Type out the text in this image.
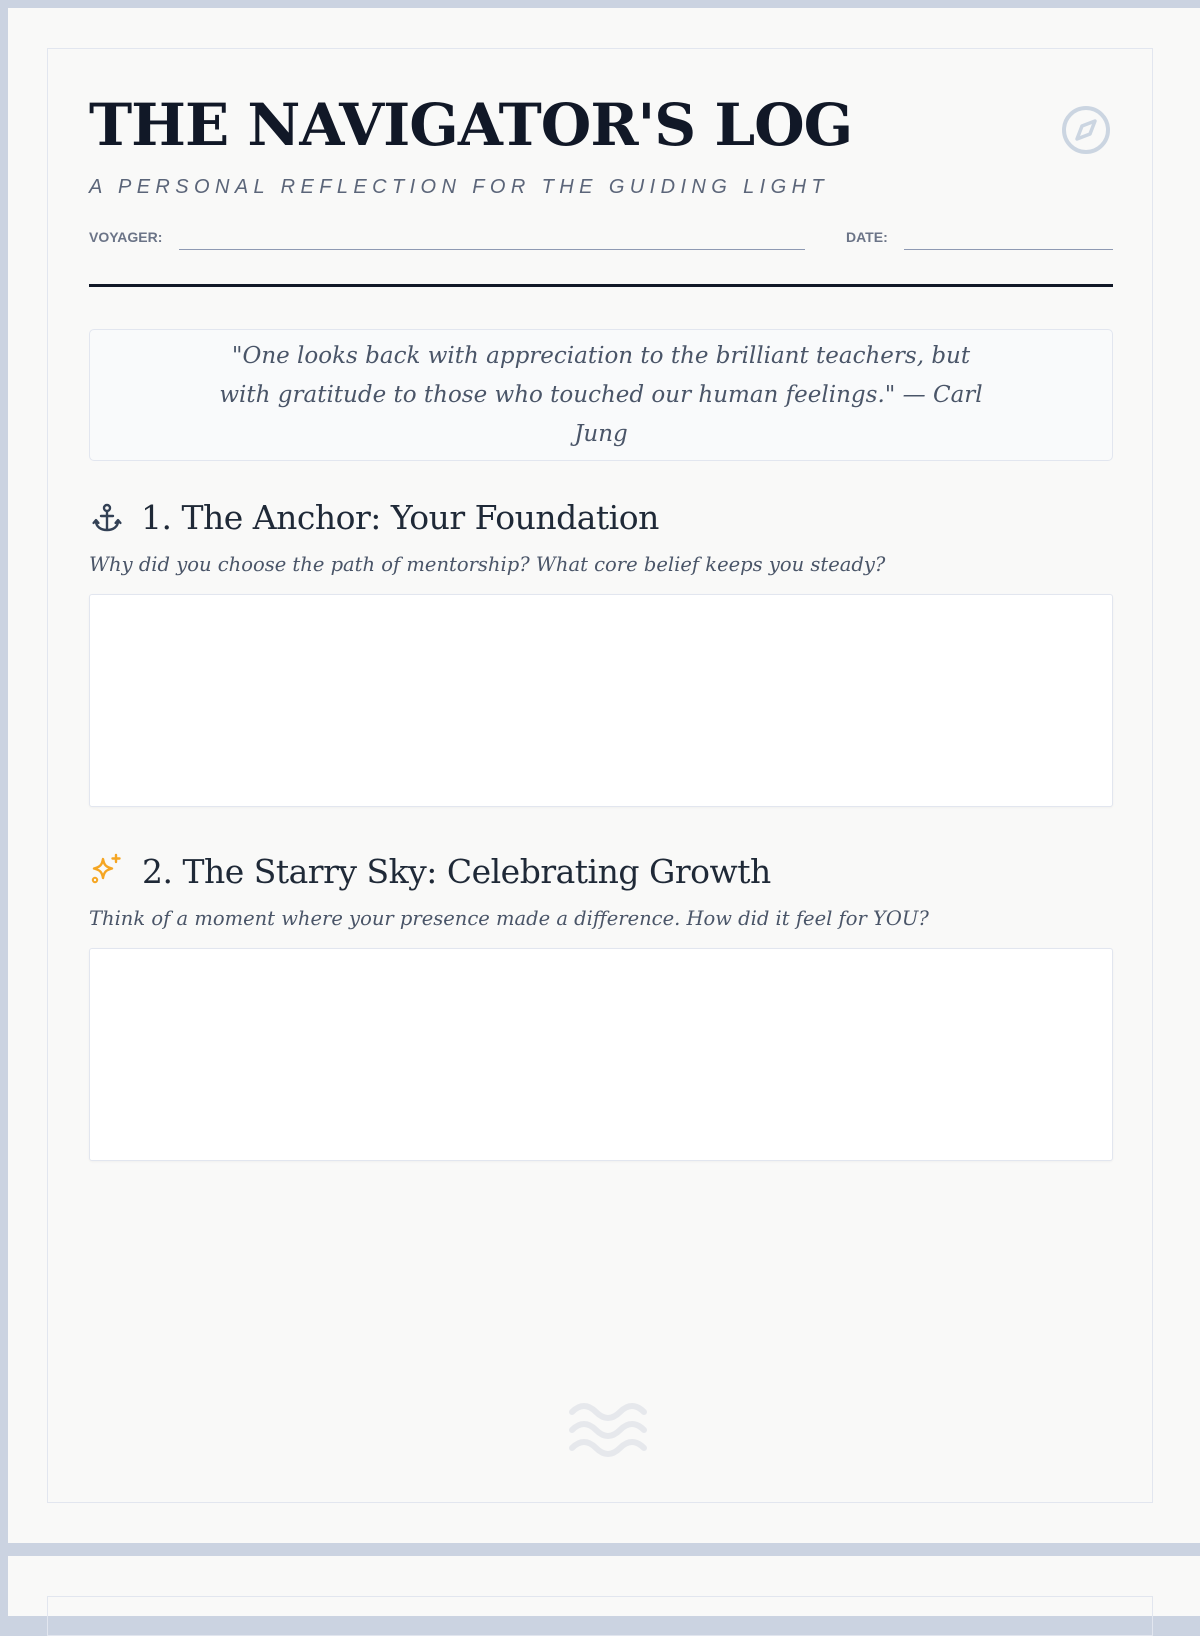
THE NAVIGATOR'S LOG
A PERSONAL REFLECTION FOR THE GUIDING LIGHT
VOYAGER:	DATE:
"One looks back with appreciation to the brilliant teachers, but with gratitude to those who touched our human feelings." — Carl Jung
1. The Anchor: Your Foundation
Why did you choose the path of mentorship? What core belief keeps you steady?
2. The Starry Sky: Celebrating Growth
Think of a moment where your presence made a difference. How did it feel for YOU?
